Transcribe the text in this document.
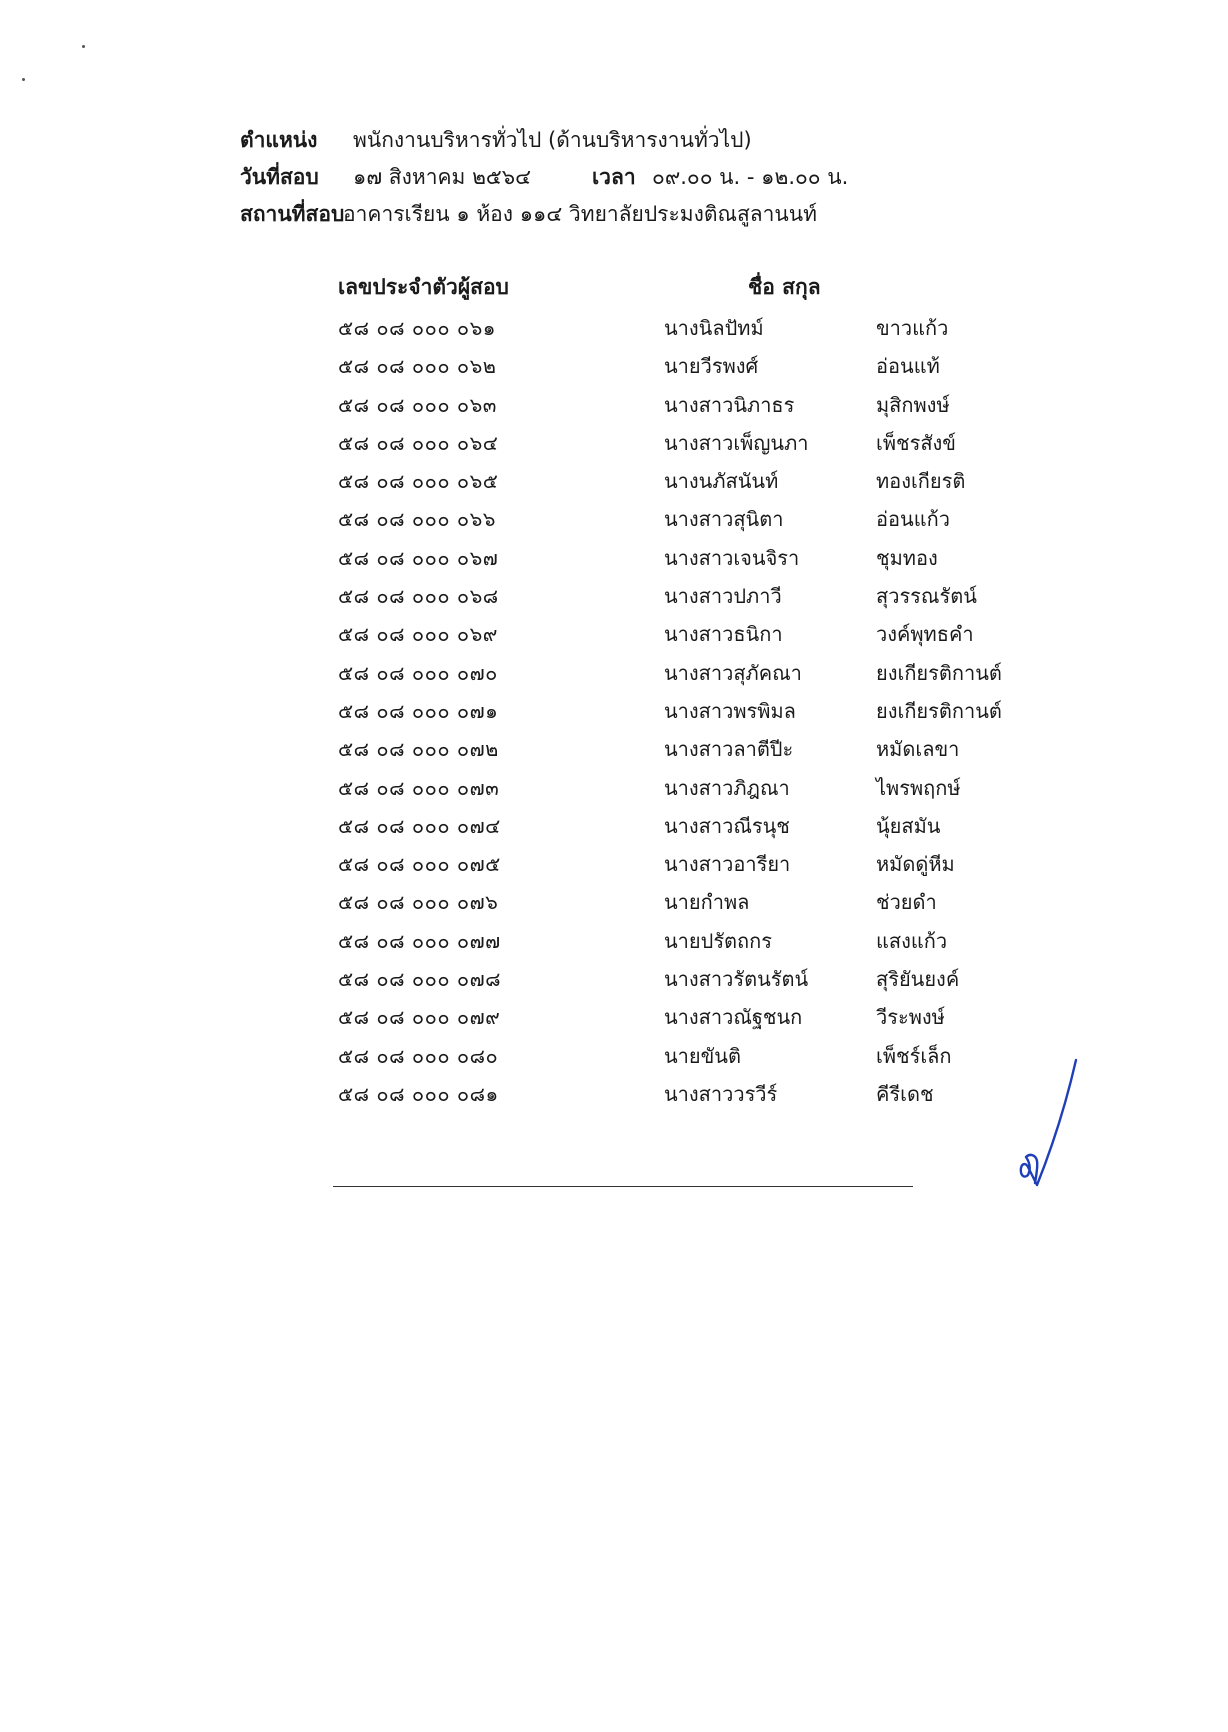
ตำแหน่ง พนักงานบริหารทั่วไป (ด้านบริหารงานทั่วไป)
วันที่สอบ ๑๗ สิงหาคม ๒๕๖๔	เวลา ๐๙.๐๐ น. - ๑๒.๐๐ น.
สถานที่สอบ
อาคารเรียน ๑ ห้อง ๑๑๔ วิทยาลัยประมงติณสูลานนท์
เลขประจำตัวผู้สอบ	ชื่อ สกุล
๕๘ ๐๘ ๐๐๐ ๐๖๑	นางนิลปัทม์	ขาวแก้ว
๕๘ ๐๘ ๐๐๐ ๐๖๒	นายวีรพงศ์	อ่อนแท้
๕๘ ๐๘ ๐๐๐ ๐๖๓	นางสาวนิภาธร	มุสิกพงษ์
๕๘ ๐๘ ๐๐๐ ๐๖๔	นางสาวเพ็ญนภา	เพ็ชรสังข์
๕๘ ๐๘ ๐๐๐ ๐๖๕	นางนภัสนันท์	ทองเกียรติ
๕๘ ๐๘ ๐๐๐ ๐๖๖	นางสาวสุนิตา	อ่อนแก้ว
๕๘ ๐๘ ๐๐๐ ๐๖๗	นางสาวเจนจิรา	ชุมทอง
๕๘ ๐๘ ๐๐๐ ๐๖๘	นางสาวปภาวี	สุวรรณรัตน์
๕๘ ๐๘ ๐๐๐ ๐๖๙	นางสาวธนิกา	วงค์พุทธคำ
๕๘ ๐๘ ๐๐๐ ๐๗๐	นางสาวสุภัคณา	ยงเกียรติกานต์
๕๘ ๐๘ ๐๐๐ ๐๗๑	นางสาวพรพิมล	ยงเกียรติกานต์
๕๘ ๐๘ ๐๐๐ ๐๗๒	นางสาวลาตีปีะ	หมัดเลขา
๕๘ ๐๘ ๐๐๐ ๐๗๓	นางสาวภิฎณา	ไพรพฤกษ์
๕๘ ๐๘ ๐๐๐ ๐๗๔	นางสาวณีรนุช	นุ้ยสมัน
๕๘ ๐๘ ๐๐๐ ๐๗๕	นางสาวอารียา	หมัดดู่หีม
๕๘ ๐๘ ๐๐๐ ๐๗๖	นายกำพล	ช่วยดำ
๕๘ ๐๘ ๐๐๐ ๐๗๗	นายปรัตถกร	แสงแก้ว
๕๘ ๐๘ ๐๐๐ ๐๗๘	นางสาวรัตนรัตน์	สุริยันยงค์
๕๘ ๐๘ ๐๐๐ ๐๗๙	นางสาวณัฐชนก	วีระพงษ์
๕๘ ๐๘ ๐๐๐ ๐๘๐	นายขันติ	เพ็ชร์เล็ก
๕๘ ๐๘ ๐๐๐ ๐๘๑	นางสาววรวีร์	คีรีเดช
